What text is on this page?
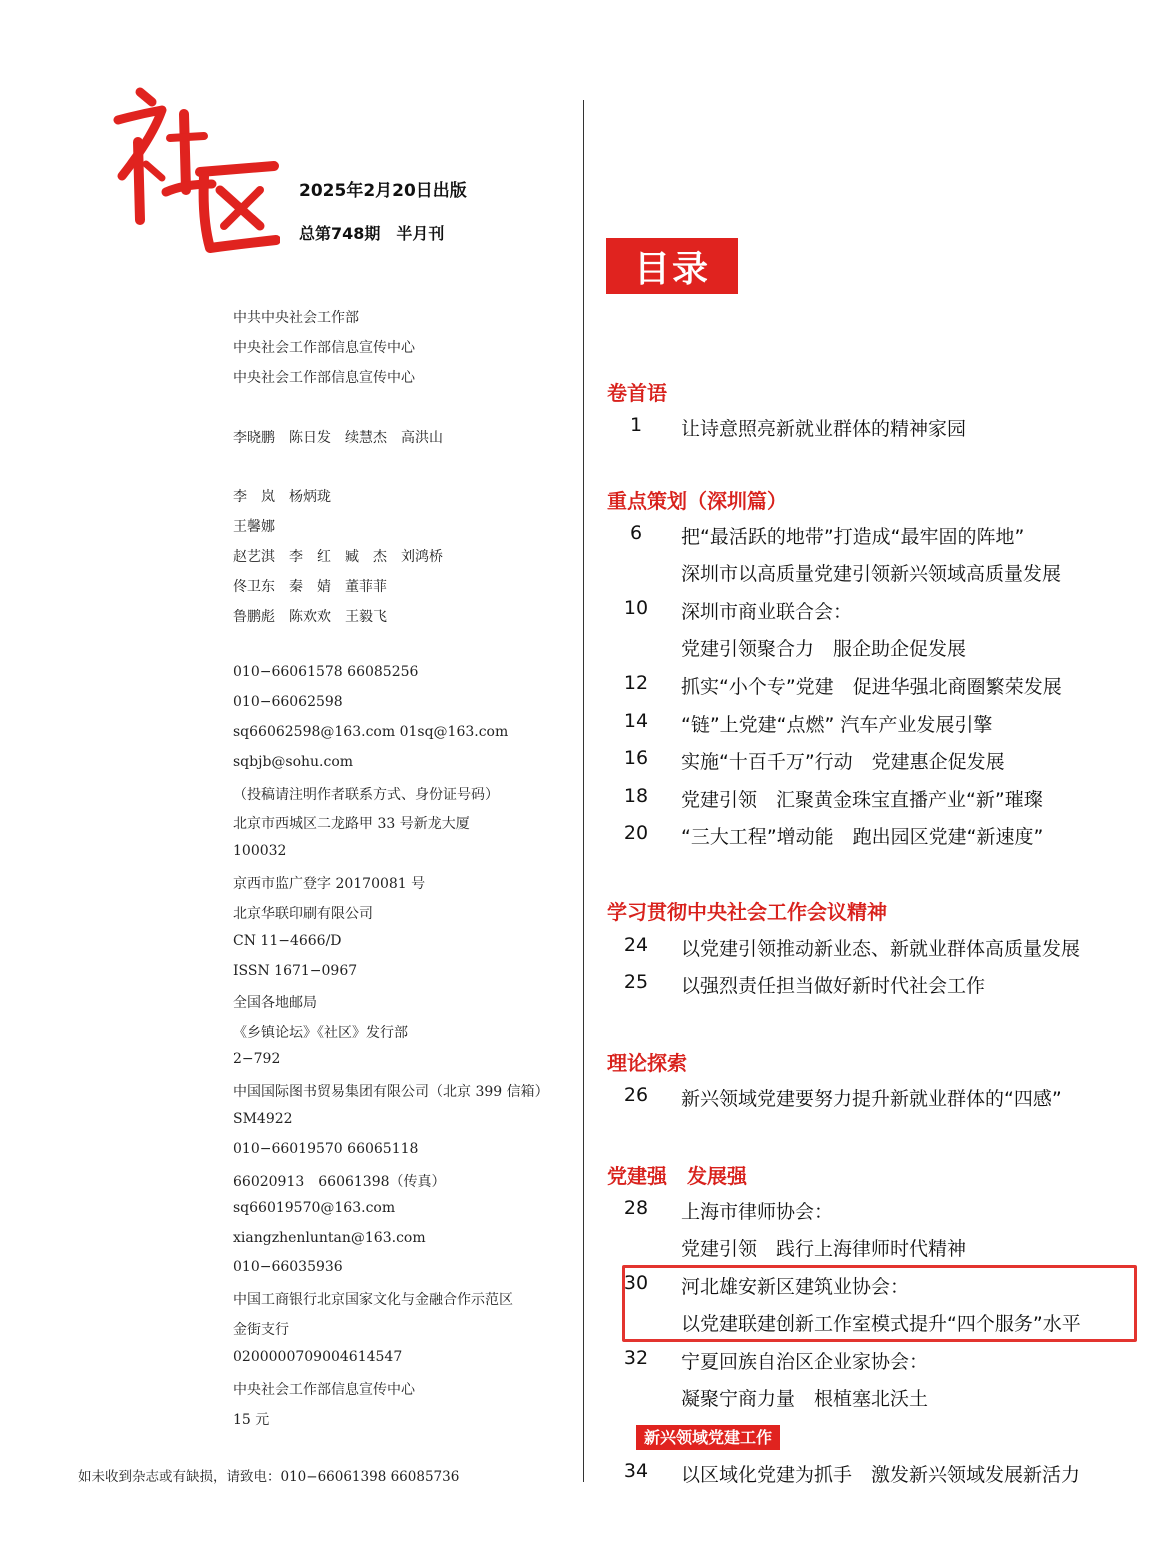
2025年2月20日出版
总第748期　半月刊
中共中央社会工作部
中央社会工作部信息宣传中心
中央社会工作部信息宣传中心
李晓鹏　陈日发　续慧杰　高洪山
李　岚　杨炳珑
王馨娜
赵艺淇　李　红　臧　杰　刘鸿桥
佟卫东　秦　婧　董菲菲
鲁鹏彪　陈欢欢　王毅飞
010−66061578 66085256
010−66062598
sq66062598@163.com 01sq@163.com
sqbjb@sohu.com
（投稿请注明作者联系方式、身份证号码）
北京市西城区二龙路甲 33 号新龙大厦
100032
京西市监广登字 20170081 号
北京华联印刷有限公司
CN 11−4666/D
ISSN 1671−0967
全国各地邮局
《乡镇论坛》《社区》发行部
2−792
中国国际图书贸易集团有限公司（北京 399 信箱）
SM4922
010−66019570 66065118
66020913　66061398（传真）
sq66019570@163.com
xiangzhenluntan@163.com
010−66035936
中国工商银行北京国家文化与金融合作示范区
金街支行
0200000709004614547
中央社会工作部信息宣传中心
15 元
如未收到杂志或有缺损，请致电：010−66061398 66085736
目录
卷首语
1	让诗意照亮新就业群体的精神家园
重点策划（深圳篇）
6	把“最活跃的地带”打造成“最牢固的阵地”
深圳市以高质量党建引领新兴领域高质量发展
10	深圳市商业联合会：
党建引领聚合力　服企助企促发展
12	抓实“小个专”党建　促进华强北商圈繁荣发展
14	“链”上党建“点燃” 汽车产业发展引擎
16	实施“十百千万”行动　党建惠企促发展
18	党建引领　汇聚黄金珠宝直播产业“新”璀璨
20	“三大工程”增动能　跑出园区党建“新速度”
学习贯彻中央社会工作会议精神
24	以党建引领推动新业态、新就业群体高质量发展
25	以强烈责任担当做好新时代社会工作
理论探索
26	新兴领域党建要努力提升新就业群体的“四感”
党建强　发展强
28	上海市律师协会：
党建引领　践行上海律师时代精神
30	河北雄安新区建筑业协会：
以党建联建创新工作室模式提升“四个服务”水平
32	宁夏回族自治区企业家协会：
凝聚宁商力量　根植塞北沃土
34	以区域化党建为抓手　激发新兴领域发展新活力
新兴领域党建工作
